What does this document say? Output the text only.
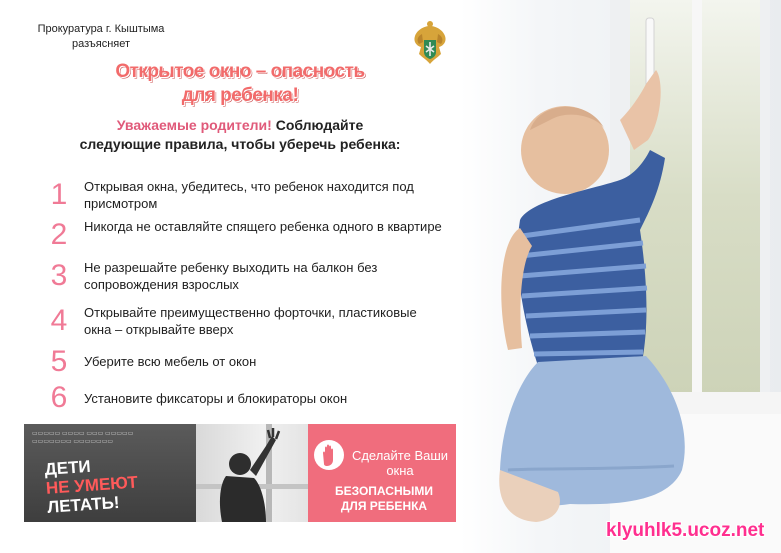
Прокуратура г. Кыштыма
разъясняет
Открытое окно – опасность
для ребенка!
Уважаемые родители! Соблюдайте
следующие правила, чтобы уберечь ребенка:
1	Открывая окна, убедитесь, что ребенок находится под присмотром
2	Никогда не оставляйте спящего ребенка одного в квартире
3	Не разрешайте ребенку выходить на балкон без сопровождения взрослых
4	Открывайте преимущественно форточки, пластиковые окна – открывайте вверх
5	Уберите всю мебель от окон
6	Установите фиксаторы и блокираторы окон
▭▭▭▭▭ ▭▭▭▭ ▭▭▭ ▭▭▭▭▭ ▭▭▭▭▭▭▭ ▭▭▭▭▭▭▭
ДЕТИ
НЕ УМЕЮТ
ЛЕТАТЬ!
Сделайте Ваши окна
БЕЗОПАСНЫМИ
ДЛЯ РЕБЕНКА
klyuhlk5.ucoz.net
